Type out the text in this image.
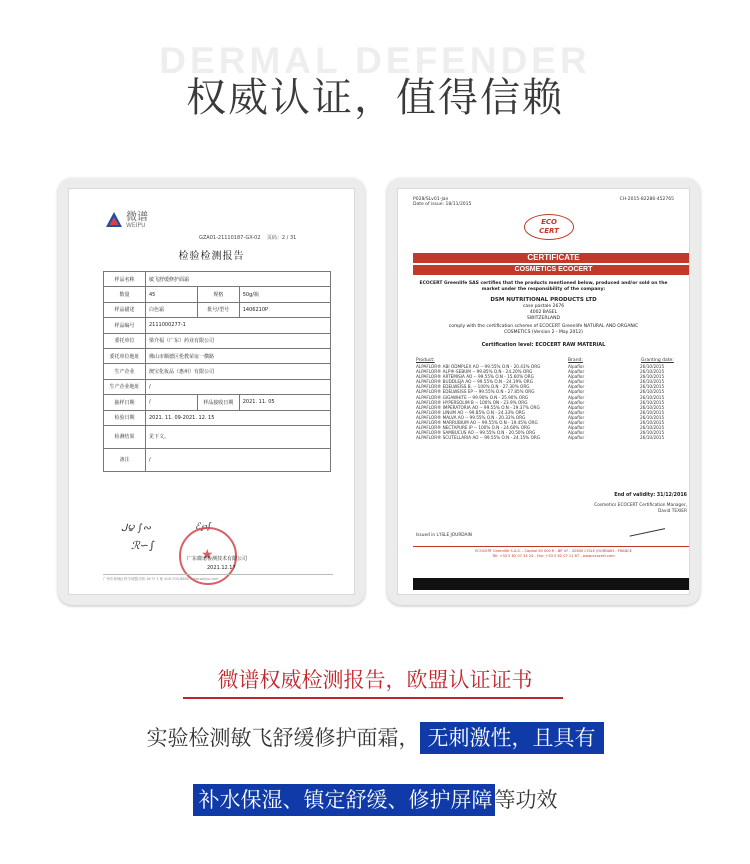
DERMAL DEFENDER
权威认证，值得信赖
微谱
WEIPU
GZA01-21110187-GX-02 页码：2 / 31
检验检测报告
样品名称	敏飞舒缓修护面霜		
数量	45	规格	50g/瓶
样品描述	白色霜	批号/型号	1406210P
样品编号	2111000277-1		
委托单位	梁介福（广东）药业有限公司		
委托单位地址	佛山市顺德区伦教荣谊一横路		
生产企业	澳宝化妆品（惠州）有限公司		
生产企业地址	/		
抽样日期	/	样品接收日期	2021. 11. 05
检验日期	2021. 11. 09-2021. 12. 15		
检测结果	见下文。		
备注	/		
ᒍ౪ ∫∾	ℰ℘∫
ℛ∽∫
★
广东微谱检测技术有限公司
2021.12.17
广州市黄埔区科学城揽月路 16 号 3 栋 400-700-8600 www.weipu.com
P028/SLv01-Jan
Date of issue: 18/11/2015
CH-2015-82286-452765
ECO
CERT
CERTIFICATE
COSMETICS ECOCERT
ECOCERT Greenlife SAS certifies that the products mentioned below, produced and/or sold on the market under the responsibility of the company:
DSM NUTRITIONAL PRODUCTS LTD
case postale 2676
4002 BASEL
SWITZERLAND
comply with the certification scheme of ECOCERT Greenlife NATURAL AND ORGANIC COSMETICS (Version 2 - May 2012)
Certification level: ECOCERT RAW MATERIAL
Product:	Brand:	Granting date:
ALPAFLOR® ABI ODMPLEX AO -- 99.55% O.N - 20.43% ORG	Alpaflor	26/10/2015
ALPAFLOR® ALP®-SEBUM -- 99.85% O.N - 24.20% ORG	Alpaflor	26/10/2015
ALPAFLOR® ARTEMISIA AO -- 99.55% O.N - 15.60% ORG	Alpaflor	26/10/2015
ALPAFLOR® BUDDLEJA AO -- 99.55% O.N - 24.19% ORG	Alpaflor	26/10/2015
ALPAFLOR® EDELWEISS B. -- 100% O.N - 27.30% ORG	Alpaflor	26/10/2015
ALPAFLOR® EDELWEISS EP -- 99.55% O.N - 27.85% ORG	Alpaflor	26/10/2015
ALPAFLOR® GIGAWHITE -- 99.90% O.N - 25.90% ORG	Alpaflor	26/10/2015
ALPAFLOR® HYPERSOLIM B -- 100% ON - 23.9% ORG	Alpaflor	26/10/2015
ALPAFLOR® IMPERATORIA AO -- 99.55% O.N - 19.37% ORG	Alpaflor	26/10/2015
ALPAFLOR® LINUM AO -- 99.85% O.N - 24.33% ORG	Alpaflor	26/10/2015
ALPAFLOR® MALVA AO -- 99.55% O.N - 20.33% ORG	Alpaflor	26/10/2015
ALPAFLOR® MARRUBIUM AO -- 99.55% O.N - 19.45% ORG	Alpaflor	26/10/2015
ALPAFLOR® NECTAPURE IP -- 100% O.N - 24.60% ORG	Alpaflor	26/10/2015
ALPAFLOR® SAMBUCUS AO -- 99.55% O.N - 20.50% ORG	Alpaflor	26/10/2015
ALPAFLOR® SCUTELLARIA AO -- 99.55% O.N - 24.15% ORG	Alpaflor	26/10/2015
End of validity: 31/12/2016
Cosmetics ECOCERT Certification Manager,
David TEXIER
Issued in L'ISLE JOURDAIN
ECOCERT Greenlife S.A.S. - Capital 50 000 € - BP 47 - 32600 L'ISLE JOURDAIN - FRANCE
Tél: +33 5 62 07 34 24 - Fax: +33 5 62 07 11 67 - www.ecocert.com
微谱权威检测报告，欧盟认证证书
实验检测敏飞舒缓修护面霜， 无刺激性，且具有
补水保湿、镇定舒缓、修护屏障等功效
